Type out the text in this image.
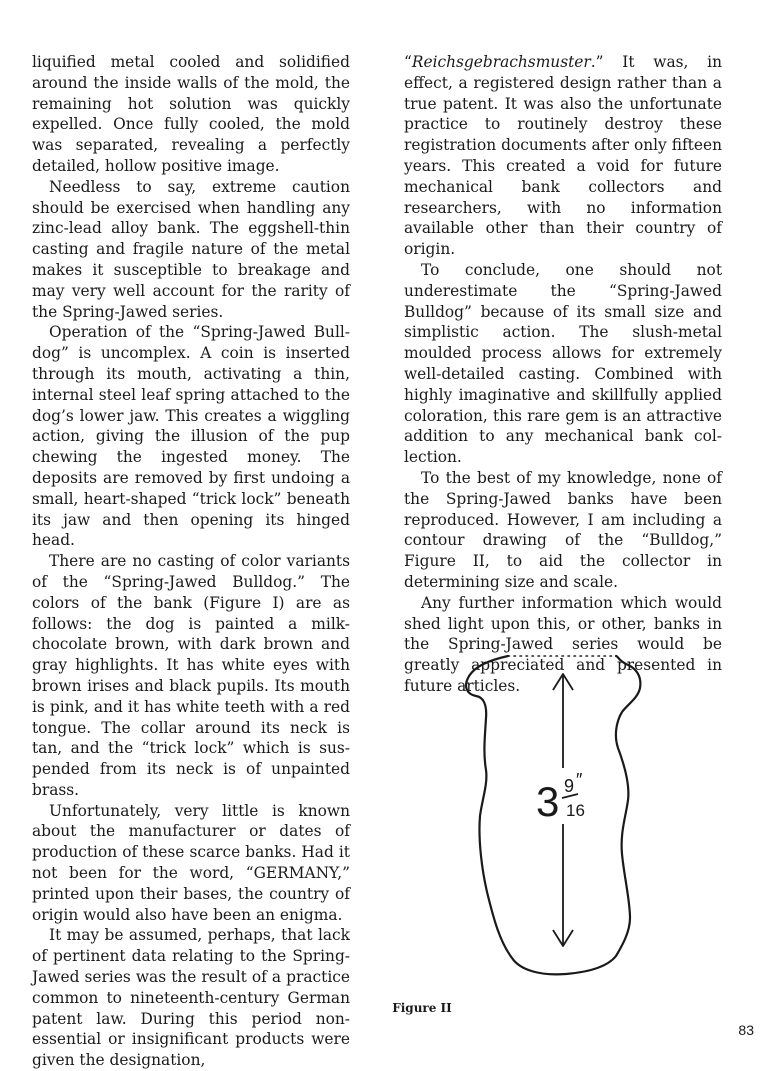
liquified metal cooled and solidified around the inside walls of the mold, the remaining hot solution was quickly expelled. Once fully cooled, the mold was separated, revealing a perfectly detailed, hollow positive image.

Needless to say, extreme caution should be exercised when handling any zinc-lead alloy bank. The eggshell-thin casting and fragile nature of the metal makes it susceptible to breakage and may very well account for the rarity of the Spring-Jawed series.

Operation of the “Spring-Jawed Bulldog” is uncomplex. A coin is inserted through its mouth, activating a thin, internal steel leaf spring attached to the dog’s lower jaw. This creates a wiggling action, giving the illusion of the pup chewing the ingested money. The deposits are removed by first undoing a small, heart-shaped “trick lock” beneath its jaw and then opening its hinged head.

There are no casting of color variants of the “Spring-Jawed Bulldog.” The colors of the bank (Figure I) are as follows: the dog is painted a milk-chocolate brown, with dark brown and gray highlights. It has white eyes with brown irises and black pupils. Its mouth is pink, and it has white teeth with a red tongue. The collar around its neck is tan, and the “trick lock” which is suspended from its neck is of unpainted brass.

Unfortunately, very little is known about the manufacturer or dates of production of these scarce banks. Had it not been for the word, “GERMANY,” printed upon their bases, the country of origin would also have been an enigma.

It may be assumed, perhaps, that lack of pertinent data relating to the Spring-Jawed series was the result of a practice common to nineteenth-century German patent law. During this period non-essential or insignificant products were given the designation,

“Reichsgebrachsmuster.” It was, in effect, a registered design rather than a true patent. It was also the unfortunate practice to routinely destroy these registration documents after only fifteen years. This created a void for future mechanical bank collectors and researchers, with no information available other than their country of origin.

To conclude, one should not underestimate the “Spring-Jawed Bulldog” because of its small size and simplistic action. The slush-metal moulded process allows for extremely well-detailed casting. Combined with highly imaginative and skillfully applied coloration, this rare gem is an attractive addition to any mechanical bank collection.

To the best of my knowledge, none of the Spring-Jawed banks have been reproduced. However, I am including a contour drawing of the “Bulldog,” Figure II, to aid the collector in determining size and scale.

Any further information which would shed light upon this, or other, banks in the Spring-Jawed series would be greatly appreciated and presented in future articles.

3 9 ″
16
Figure II
83
